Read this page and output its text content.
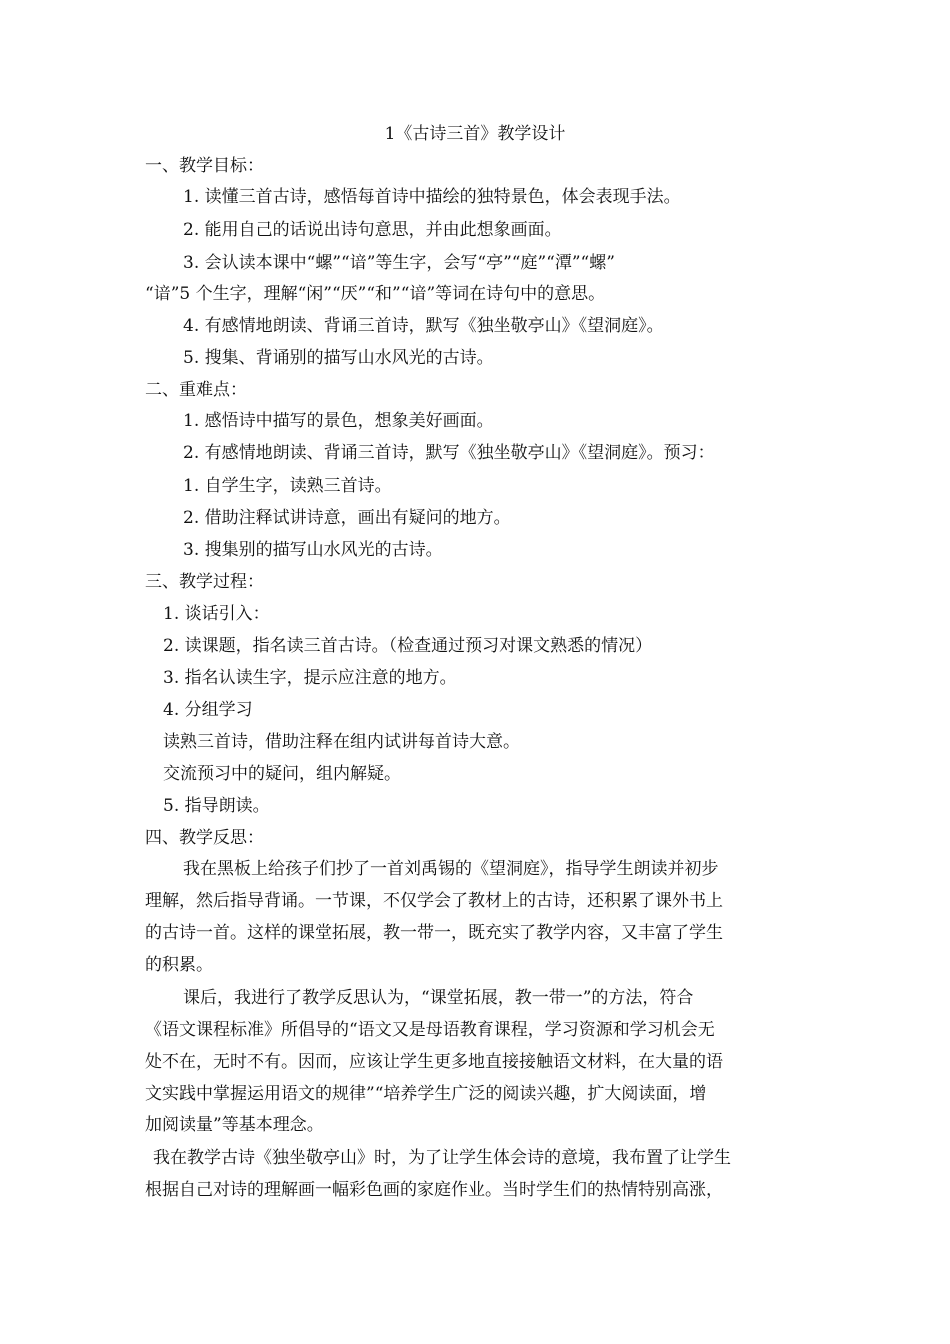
1《古诗三首》教学设计
一、教学目标：
1. 读懂三首古诗，感悟每首诗中描绘的独特景色，体会表现手法。
2. 能用自己的话说出诗句意思，并由此想象画面。
3. 会认读本课中“螺”“谙”等生字，会写“亭”“庭”“潭”“螺”
“谙”5 个生字，理解“闲”“厌”“和”“谙”等词在诗句中的意思。
4. 有感情地朗读、背诵三首诗，默写《独坐敬亭山》《望洞庭》。
5. 搜集、背诵别的描写山水风光的古诗。
二、重难点：
1. 感悟诗中描写的景色，想象美好画面。
2. 有感情地朗读、背诵三首诗，默写《独坐敬亭山》《望洞庭》。预习：
1. 自学生字，读熟三首诗。
2. 借助注释试讲诗意，画出有疑问的地方。
3. 搜集别的描写山水风光的古诗。
三、教学过程：
1. 谈话引入：
2. 读课题，指名读三首古诗。（检查通过预习对课文熟悉的情况）
3. 指名认读生字，提示应注意的地方。
4. 分组学习
读熟三首诗，借助注释在组内试讲每首诗大意。
交流预习中的疑问，组内解疑。
5. 指导朗读。
四、教学反思：
我在黑板上给孩子们抄了一首刘禹锡的《望洞庭》，指导学生朗读并初步
理解，然后指导背诵。一节课，不仅学会了教材上的古诗，还积累了课外书上
的古诗一首。这样的课堂拓展，教一带一，既充实了教学内容，又丰富了学生
的积累。
课后，我进行了教学反思认为，“课堂拓展，教一带一”的方法，符合
《语文课程标准》所倡导的“语文又是母语教育课程，学习资源和学习机会无
处不在，无时不有。因而，应该让学生更多地直接接触语文材料，在大量的语
文实践中掌握运用语文的规律”“培养学生广泛的阅读兴趣，扩大阅读面，增
加阅读量”等基本理念。
我在教学古诗《独坐敬亭山》时，为了让学生体会诗的意境，我布置了让学生
根据自己对诗的理解画一幅彩色画的家庭作业。当时学生们的热情特别高涨，
